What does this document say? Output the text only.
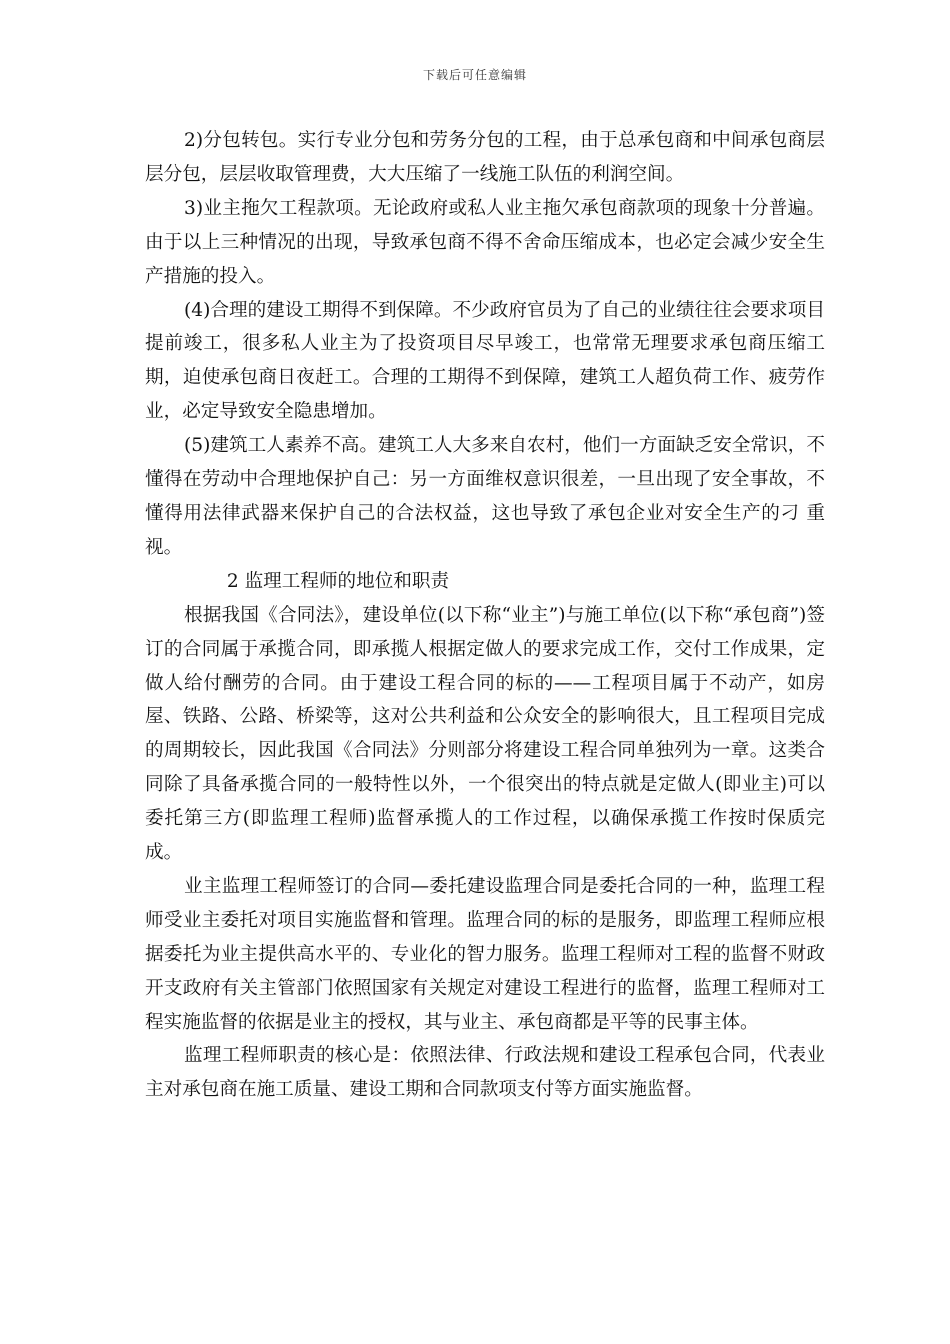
下载后可任意编辑

2)分包转包。实行专业分包和劳务分包的工程，由于总承包商和中间承包商层层分包，层层收取管理费，大大压缩了一线施工队伍的利润空间。

3)业主拖欠工程款项。无论政府或私人业主拖欠承包商款项的现象十分普遍。由于以上三种情况的出现，导致承包商不得不舍命压缩成本，也必定会减少安全生产措施的投入。

(4)合理的建设工期得不到保障。不少政府官员为了自己的业绩往往会要求项目提前竣工，很多私人业主为了投资项目尽早竣工，也常常无理要求承包商压缩工期，迫使承包商日夜赶工。合理的工期得不到保障，建筑工人超负荷工作、疲劳作业，必定导致安全隐患增加。

(5)建筑工人素养不高。建筑工人大多来自农村，他们一方面缺乏安全常识，不懂得在劳动中合理地保护自己：另一方面维权意识很差，一旦出现了安全事故，不懂得用法律武器来保护自己的合法权益，这也导致了承包企业对安全生产的刁 重视。

2 监理工程师的地位和职责

根据我国《合同法》，建设单位(以下称“业主”)与施工单位(以下称“承包商”)签订的合同属于承揽合同，即承揽人根据定做人的要求完成工作，交付工作成果，定做人给付酬劳的合同。由于建设工程合同的标的——工程项目属于不动产，如房屋、铁路、公路、桥梁等，这对公共利益和公众安全的影响很大，且工程项目完成的周期较长，因此我国《合同法》分则部分将建设工程合同单独列为一章。这类合同除了具备承揽合同的一般特性以外，一个很突出的特点就是定做人(即业主)可以委托第三方(即监理工程师)监督承揽人的工作过程，以确保承揽工作按时保质完成。

业主监理工程师签订的合同—委托建设监理合同是委托合同的一种，监理工程师受业主委托对项目实施监督和管理。监理合同的标的是服务，即监理工程师应根据委托为业主提供高水平的、专业化的智力服务。监理工程师对工程的监督不财政开支政府有关主管部门依照国家有关规定对建设工程进行的监督，监理工程师对工程实施监督的依据是业主的授权，其与业主、承包商都是平等的民事主体。

监理工程师职责的核心是：依照法律、行政法规和建设工程承包合同，代表业主对承包商在施工质量、建设工期和合同款项支付等方面实施监督。
